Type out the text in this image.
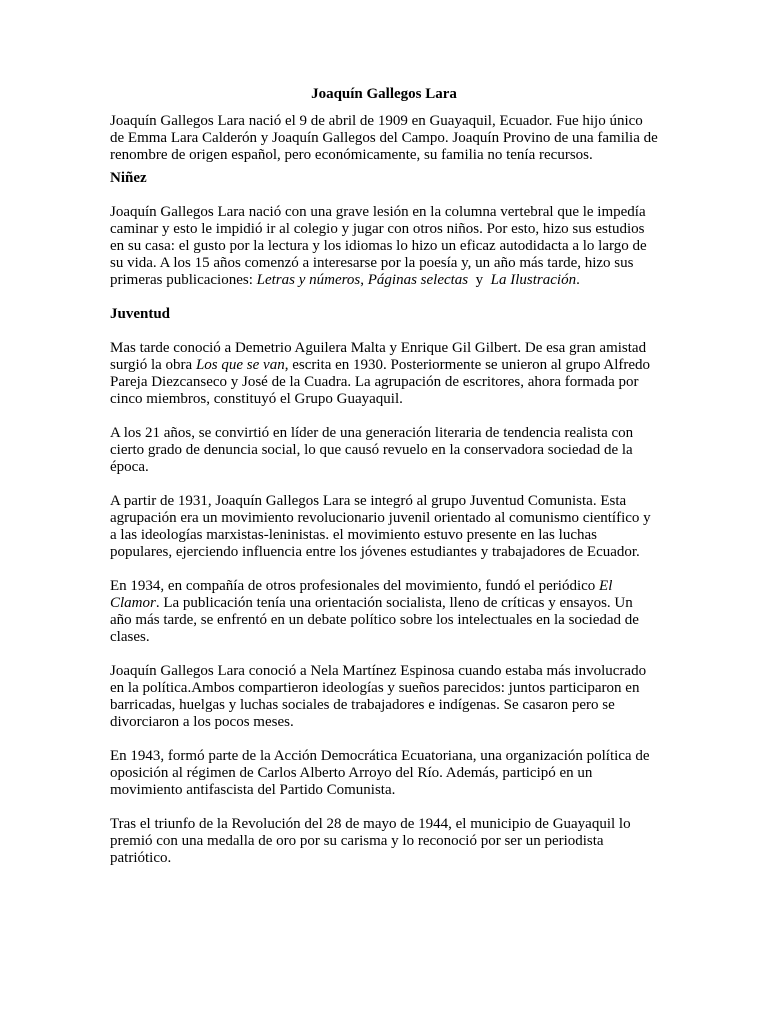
Joaquín Gallegos Lara

Joaquín Gallegos Lara nació el 9 de abril de 1909 en Guayaquil, Ecuador. Fue hijo único de Emma Lara Calderón y Joaquín Gallegos del Campo. Joaquín Provino de una familia de renombre de origen español, pero económicamente, su familia no tenía recursos.

Niñez

Joaquín Gallegos Lara nació con una grave lesión en la columna vertebral que le impedía caminar y esto le impidió ir al colegio y jugar con otros niños. Por esto, hizo sus estudios en su casa: el gusto por la lectura y los idiomas lo hizo un eficaz autodidacta a lo largo de su vida. A los 15 años comenzó a interesarse por la poesía y, un año más tarde, hizo sus primeras publicaciones: Letras y números, Páginas selectas  y  La Ilustración.

Juventud

Mas tarde conoció a Demetrio Aguilera Malta y Enrique Gil Gilbert. De esa gran amistad surgió la obra Los que se van, escrita en 1930. Posteriormente se unieron al grupo Alfredo Pareja Diezcanseco y José de la Cuadra. La agrupación de escritores, ahora formada por cinco miembros, constituyó el Grupo Guayaquil.

A los 21 años, se convirtió en líder de una generación literaria de tendencia realista con cierto grado de denuncia social, lo que causó revuelo en la conservadora sociedad de la época.

A partir de 1931, Joaquín Gallegos Lara se integró al grupo Juventud Comunista. Esta agrupación era un movimiento revolucionario juvenil orientado al comunismo científico y a las ideologías marxistas-leninistas. el movimiento estuvo presente en las luchas populares, ejerciendo influencia entre los jóvenes estudiantes y trabajadores de Ecuador.

En 1934, en compañía de otros profesionales del movimiento, fundó el periódico El Clamor. La publicación tenía una orientación socialista, lleno de críticas y ensayos. Un año más tarde, se enfrentó en un debate político sobre los intelectuales en la sociedad de clases.

Joaquín Gallegos Lara conoció a Nela Martínez Espinosa cuando estaba más involucrado en la política.Ambos compartieron ideologías y sueños parecidos: juntos participaron en barricadas, huelgas y luchas sociales de trabajadores e indígenas. Se casaron pero se divorciaron a los pocos meses.

En 1943, formó parte de la Acción Democrática Ecuatoriana, una organización política de oposición al régimen de Carlos Alberto Arroyo del Río. Además, participó en un movimiento antifascista del Partido Comunista.

Tras el triunfo de la Revolución del 28 de mayo de 1944, el municipio de Guayaquil lo premió con una medalla de oro por su carisma y lo reconoció por ser un periodista patriótico.
